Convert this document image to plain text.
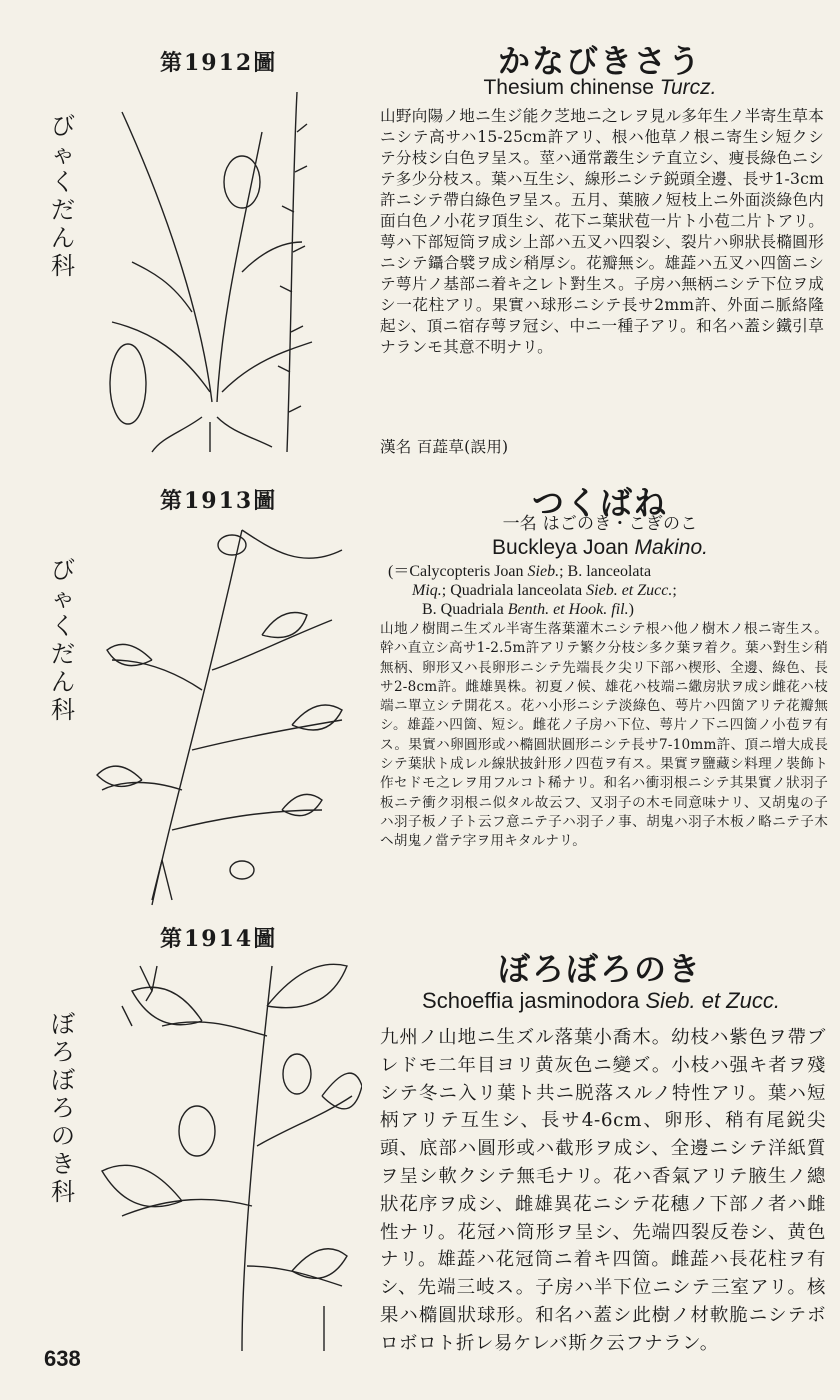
第1912圖
びゃくだん科
かなびきさう
Thesium chinense Turcz.
山野向陽ノ地ニ生ジ能ク芝地ニ之レヲ見ル多年生ノ半寄生草本ニシテ高サハ15-25cm許アリ、根ハ他草ノ根ニ寄生シ短クシテ分枝シ白色ヲ呈ス。莖ハ通常叢生シテ直立シ、痩長綠色ニシテ多少分枝ス。葉ハ互生シ、線形ニシテ鋭頭全邊、長サ1-3cm許ニシテ帶白綠色ヲ呈ス。五月、葉腋ノ短枝上ニ外面淡綠色内面白色ノ小花ヲ頂生シ、花下ニ葉狀苞一片ト小苞二片トアリ。萼ハ下部短筒ヲ成シ上部ハ五叉ハ四裂シ、裂片ハ卵狀長橢圓形ニシテ鑷合襞ヲ成シ稍厚シ。花瓣無シ。雄蕋ハ五叉ハ四箇ニシテ萼片ノ基部ニ着キ之レト對生ス。子房ハ無柄ニシテ下位ヲ成シ一花柱アリ。果實ハ球形ニシテ長サ2mm許、外面ニ脈絡隆起シ、頂ニ宿存萼ヲ冠シ、中ニ一種子アリ。和名ハ蓋シ鐵引草ナランモ其意不明ナリ。
漢名 百蕋草(誤用)
第1913圖
びゃくだん科
つくばね
一名 はごのき・こぎのこ
Buckleya Joan Makino.
(＝Calycopteris Joan Sieb.; B. lanceolata
Miq.; Quadriala lanceolata Sieb. et Zucc.;
B. Quadriala Benth. et Hook. fil.)
山地ノ樹間ニ生ズル半寄生落葉灌木ニシテ根ハ他ノ樹木ノ根ニ寄生ス。幹ハ直立シ高サ1-2.5m許アリテ繁ク分枝シ多ク葉ヲ着ク。葉ハ對生シ稍無柄、卵形又ハ長卵形ニシテ先端長ク尖リ下部ハ楔形、全邊、綠色、長サ2-8cm許。雌雄異株。初夏ノ候、雄花ハ枝端ニ繖房狀ヲ成シ雌花ハ枝端ニ單立シテ開花ス。花ハ小形ニシテ淡綠色、萼片ハ四箇アリテ花瓣無シ。雄蕋ハ四箇、短シ。雌花ノ子房ハ下位、萼片ノ下ニ四箇ノ小苞ヲ有ス。果實ハ卵圓形或ハ橢圓狀圓形ニシテ長サ7-10mm許、頂ニ增大成長シテ葉狀ト成レル線狀披針形ノ四苞ヲ有ス。果實ヲ鹽藏シ料理ノ裝飾ト作セドモ之レヲ用フルコト稀ナリ。和名ハ衝羽根ニシテ其果實ノ狀羽子板ニテ衝ク羽根ニ似タル故云フ、又羽子の木モ同意味ナリ、又胡鬼の子ハ羽子板ノ子ト云フ意ニテ子ハ羽子ノ事、胡鬼ハ羽子木板ノ略ニテ子木ヘ胡鬼ノ當テ字ヲ用キタルナリ。
第1914圖
ぼろぼろのき科
ぼろぼろのき
Schoeffia jasminodora Sieb. et Zucc.
九州ノ山地ニ生ズル落葉小喬木。幼枝ハ紫色ヲ帶ブレドモ二年目ヨリ黄灰色ニ變ズ。小枝ハ强キ者ヲ殘シテ冬ニ入リ葉ト共ニ脱落スルノ特性アリ。葉ハ短柄アリテ互生シ、長サ4-6cm、卵形、稍有尾鋭尖頭、底部ハ圓形或ハ截形ヲ成シ、全邊ニシテ洋紙質ヲ呈シ軟クシテ無毛ナリ。花ハ香氣アリテ腋生ノ總狀花序ヲ成シ、雌雄異花ニシテ花穗ノ下部ノ者ハ雌性ナリ。花冠ハ筒形ヲ呈シ、先端四裂反卷シ、黄色ナリ。雄蕋ハ花冠筒ニ着キ四箇。雌蕋ハ長花柱ヲ有シ、先端三岐ス。子房ハ半下位ニシテ三室アリ。核果ハ橢圓狀球形。和名ハ蓋シ此樹ノ材軟脆ニシテボロボロト折レ易ケレバ斯ク云フナラン。
638
